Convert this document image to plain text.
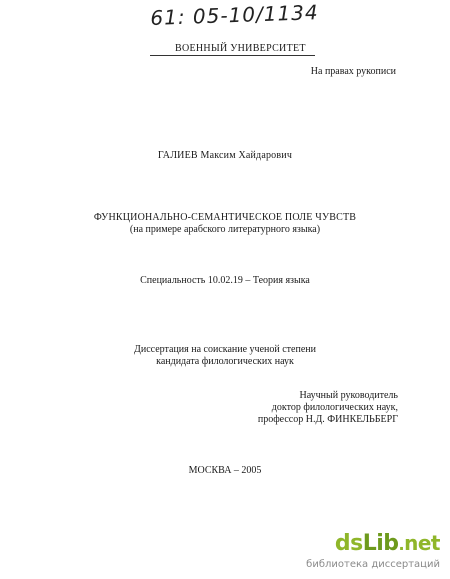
61: 05-10/1134
ВОЕННЫЙ УНИВЕРСИТЕТ
На правах рукописи
ГАЛИЕВ Максим Хайдарович
ФУНКЦИОНАЛЬНО-СЕМАНТИЧЕСКОЕ ПОЛЕ ЧУВСТВ
(на примере арабского литературного языка)
Специальность 10.02.19 – Теория языка
Диссертация на соискание ученой степени
кандидата филологических наук
Научный руководитель
доктор филологических наук,
профессор Н.Д. ФИНКЕЛЬБЕРГ
МОСКВА – 2005
dsLib.net
библиотека диссертаций
